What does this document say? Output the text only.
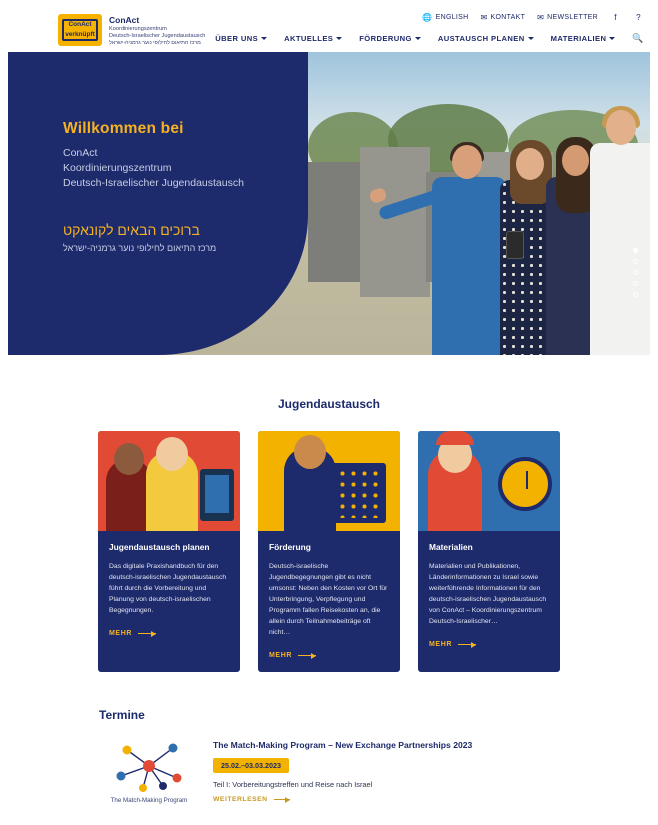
ConAct verknüpft
ConAct
Koordinierungszentrum
Deutsch-Israelischer Jugendaustausch
מרכז התיאום לחילופי נוער גרמניה-ישראל
🌐 ENGLISH ✉ KONTAKT ✉ NEWSLETTER	f	?
ÜBER UNS	AKTUELLES	FÖRDERUNG	AUSTAUSCH PLANEN	MATERIALIEN	🔍
Willkommen bei
ConAct
Koordinierungszentrum
Deutsch-Israelischer Jugendaustausch
ברוכים הבאים לקונאקט
מרכז התיאום לחילופי נוער גרמניה-ישראל
Jugendaustausch
Jugendaustausch planen
Das digitale Praxishandbuch für den deutsch-israelischen Jugendaustausch führt durch die Vorbereitung und Planung von deutsch-israelischen Begegnungen.
MEHR
Förderung
Deutsch-israelische Jugendbegegnungen gibt es nicht umsonst: Neben den Kosten vor Ort für Unterbringung, Verpflegung und Programm fallen Reisekosten an, die allein durch Teilnahmebeiträge oft nicht…
MEHR
Materialien
Materialien und Publikationen, Länderinformationen zu Israel sowie weiterführende Informationen für den deutsch-israelischen Jugendaustausch von ConAct – Koordinierungszentrum Deutsch-Israelischer…
MEHR
Termine
The Match-Making Program
The Match-Making Program – New Exchange Partnerships 2023
25.02.–03.03.2023
Teil I: Vorbereitungstreffen und Reise nach Israel
WEITERLESEN
